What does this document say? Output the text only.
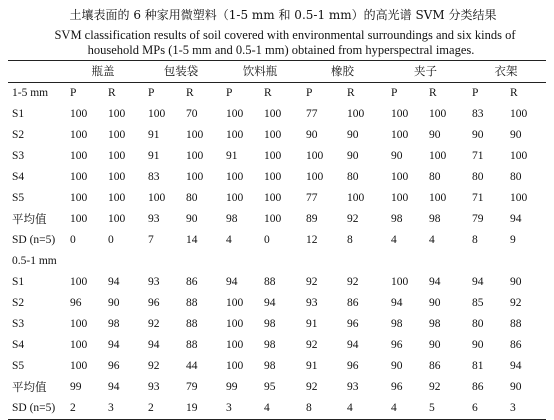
土壤表面的 6 种家用微塑料（1-5 mm 和 0.5-1 mm）的高光谱 SVM 分类结果
SVM classification results of soil covered with environmental surroundings and six kinds of
household MPs (1-5 mm and 0.5-1 mm) obtained from hyperspectral images.
	瓶盖		包装袋		饮料瓶		橡胶		夹子		衣架	
1-5 mm	P	R	P	R	P	R	P	R	P	R	P	R
S1	100	100	100	70	100	100	77	100	100	100	83	100
S2	100	100	91	100	100	100	90	90	100	90	90	90
S3	100	100	91	100	91	100	100	90	90	100	71	100
S4	100	100	83	100	100	100	100	80	100	80	80	80
S5	100	100	100	80	100	100	77	100	100	100	71	100
平均值	100	100	93	90	98	100	89	92	98	98	79	94
SD (n=5)	0	0	7	14	4	0	12	8	4	4	8	9
0.5-1 mm												
S1	100	94	93	86	94	88	92	92	100	94	94	90
S2	96	90	96	88	100	94	93	86	94	90	85	92
S3	100	98	92	88	100	98	91	96	98	98	80	88
S4	100	94	94	88	100	98	92	94	96	90	90	86
S5	100	96	92	44	100	98	91	96	90	86	81	94
平均值	99	94	93	79	99	95	92	93	96	92	86	90
SD (n=5)	2	3	2	19	3	4	8	4	4	5	6	3
